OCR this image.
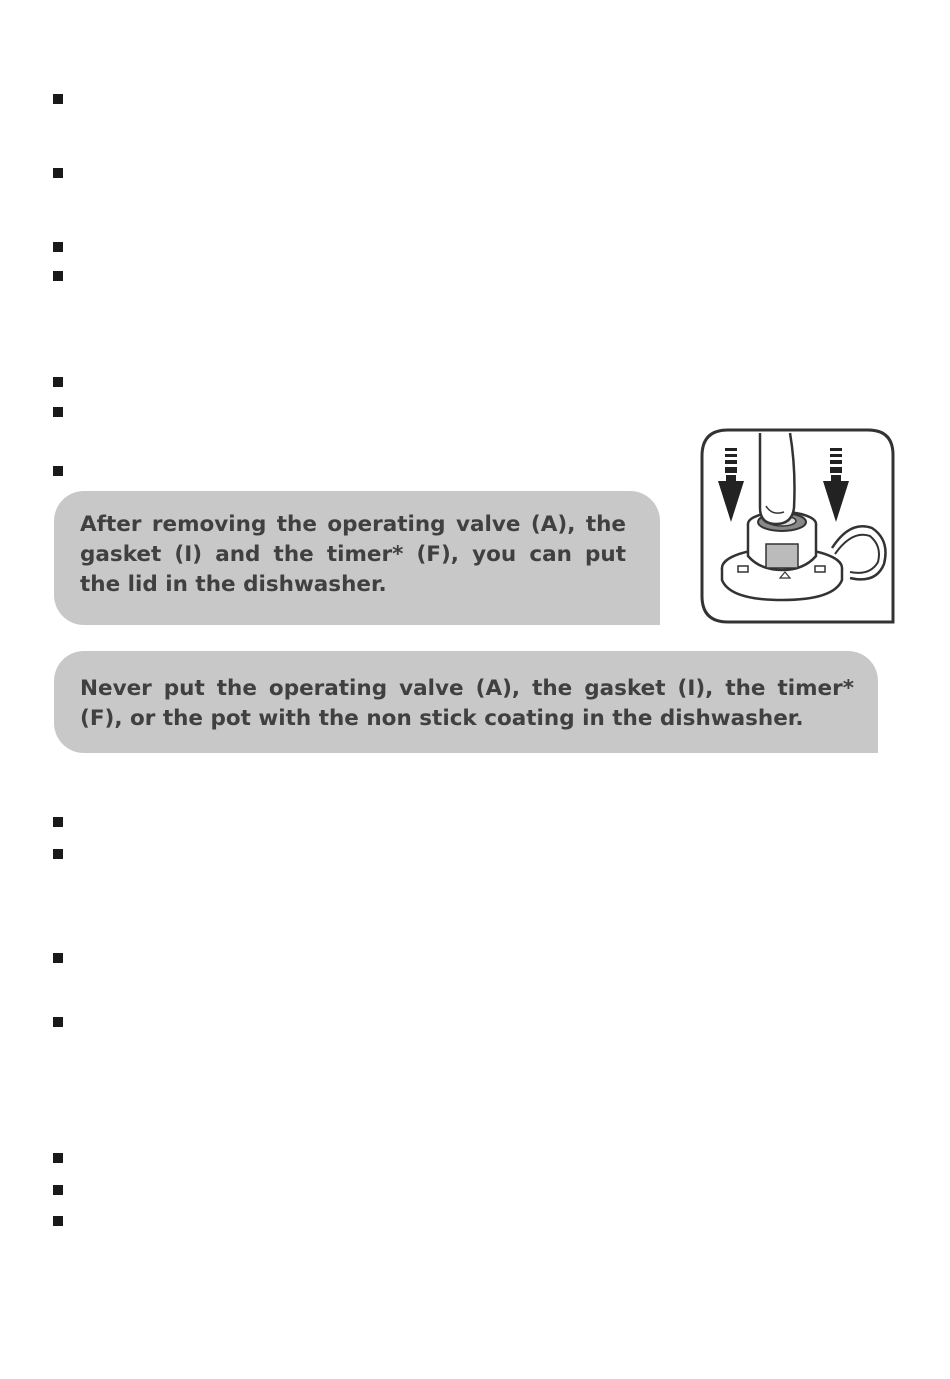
After removing the operating valve (A), the gasket (I) and the timer* (F), you can put the lid in the dishwasher.
Never put the operating valve (A), the gasket (I), the timer* (F), or the pot with the non stick coating in the dishwasher.
